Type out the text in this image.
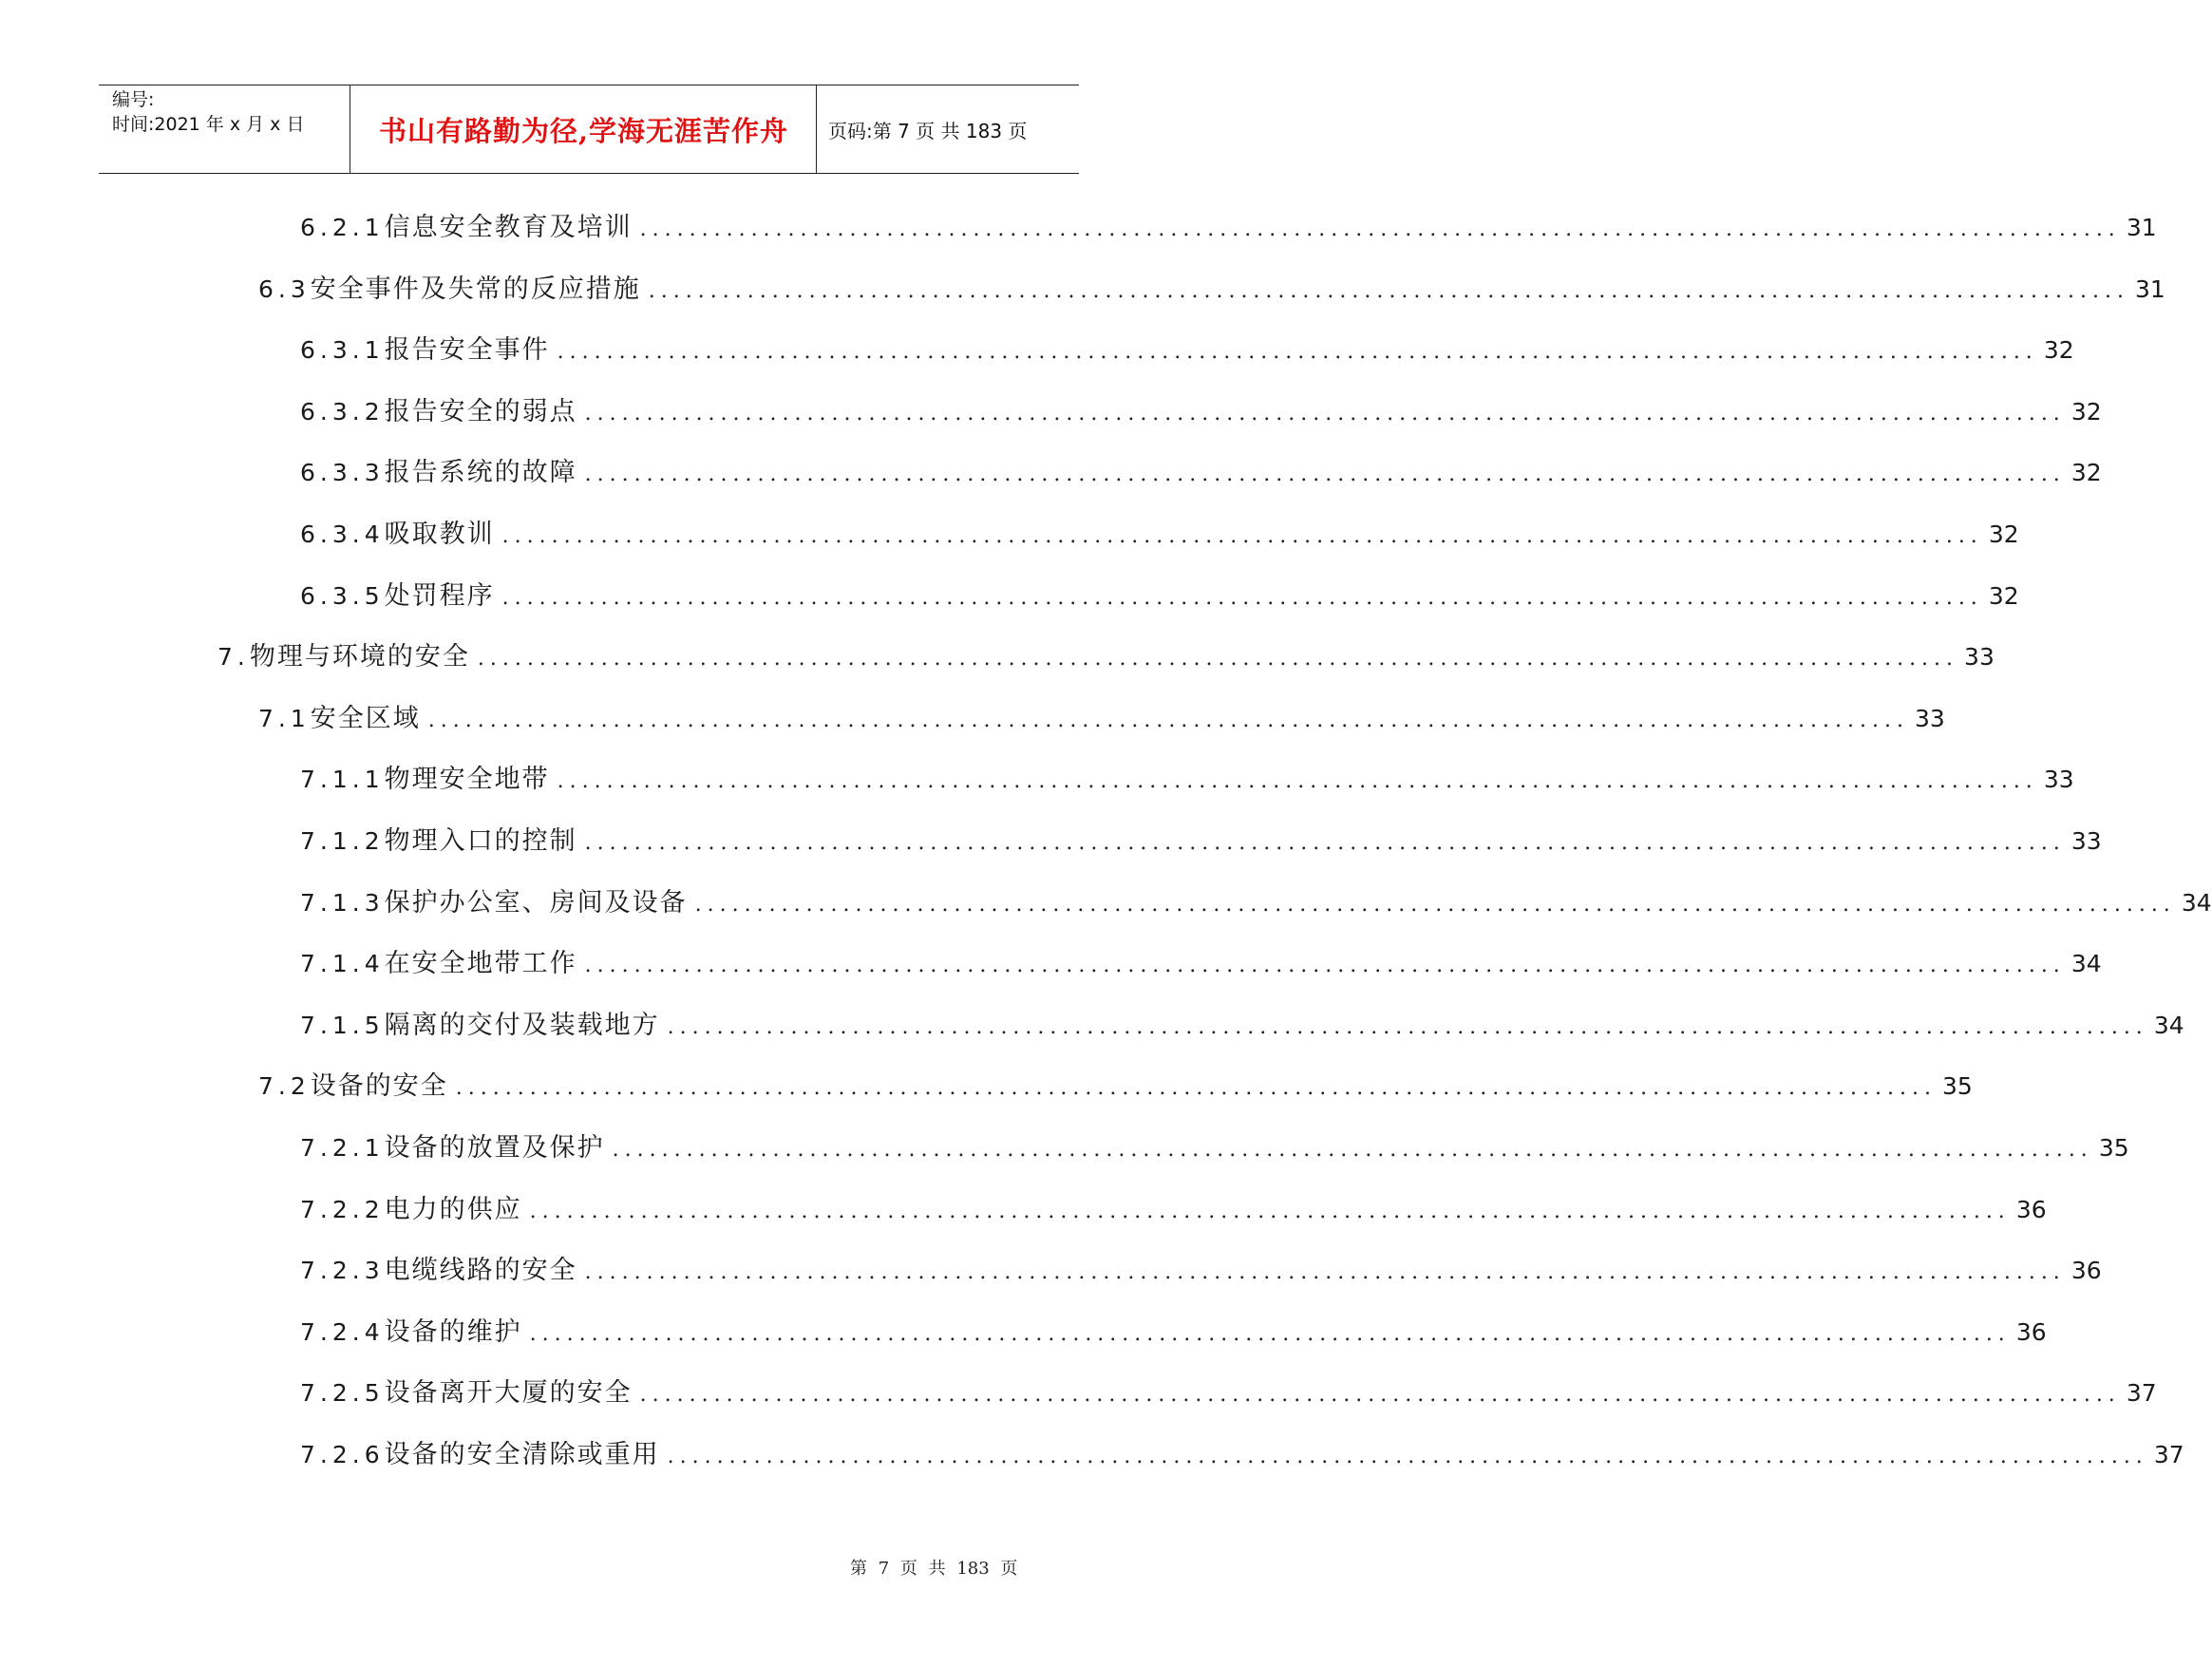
编号:
时间:2021 年 x 月 x 日	书山有路勤为径,学海无涯苦作舟	页码:第 7 页 共 183 页
6.2.1 信息安全教育及培训 ........................................................................................................................ 31
6.3 安全事件及失常的反应措施 ........................................................................................................................ 31
6.3.1 报告安全事件 ........................................................................................................................ 32
6.3.2 报告安全的弱点 ........................................................................................................................ 32
6.3.3 报告系统的故障 ........................................................................................................................ 32
6.3.4 吸取教训 ........................................................................................................................ 32
6.3.5 处罚程序 ........................................................................................................................ 32
7. 物理与环境的安全 ........................................................................................................................ 33
7.1 安全区域 ........................................................................................................................ 33
7.1.1 物理安全地带 ........................................................................................................................ 33
7.1.2 物理入口的控制 ........................................................................................................................ 33
7.1.3 保护办公室、房间及设备 ........................................................................................................................ 34
7.1.4 在安全地带工作 ........................................................................................................................ 34
7.1.5 隔离的交付及装载地方 ........................................................................................................................ 34
7.2 设备的安全 ........................................................................................................................ 35
7.2.1 设备的放置及保护 ........................................................................................................................ 35
7.2.2 电力的供应 ........................................................................................................................ 36
7.2.3 电缆线路的安全 ........................................................................................................................ 36
7.2.4 设备的维护 ........................................................................................................................ 36
7.2.5 设备离开大厦的安全 ........................................................................................................................ 37
7.2.6 设备的安全清除或重用 ........................................................................................................................ 37
第 7 页 共 183 页
